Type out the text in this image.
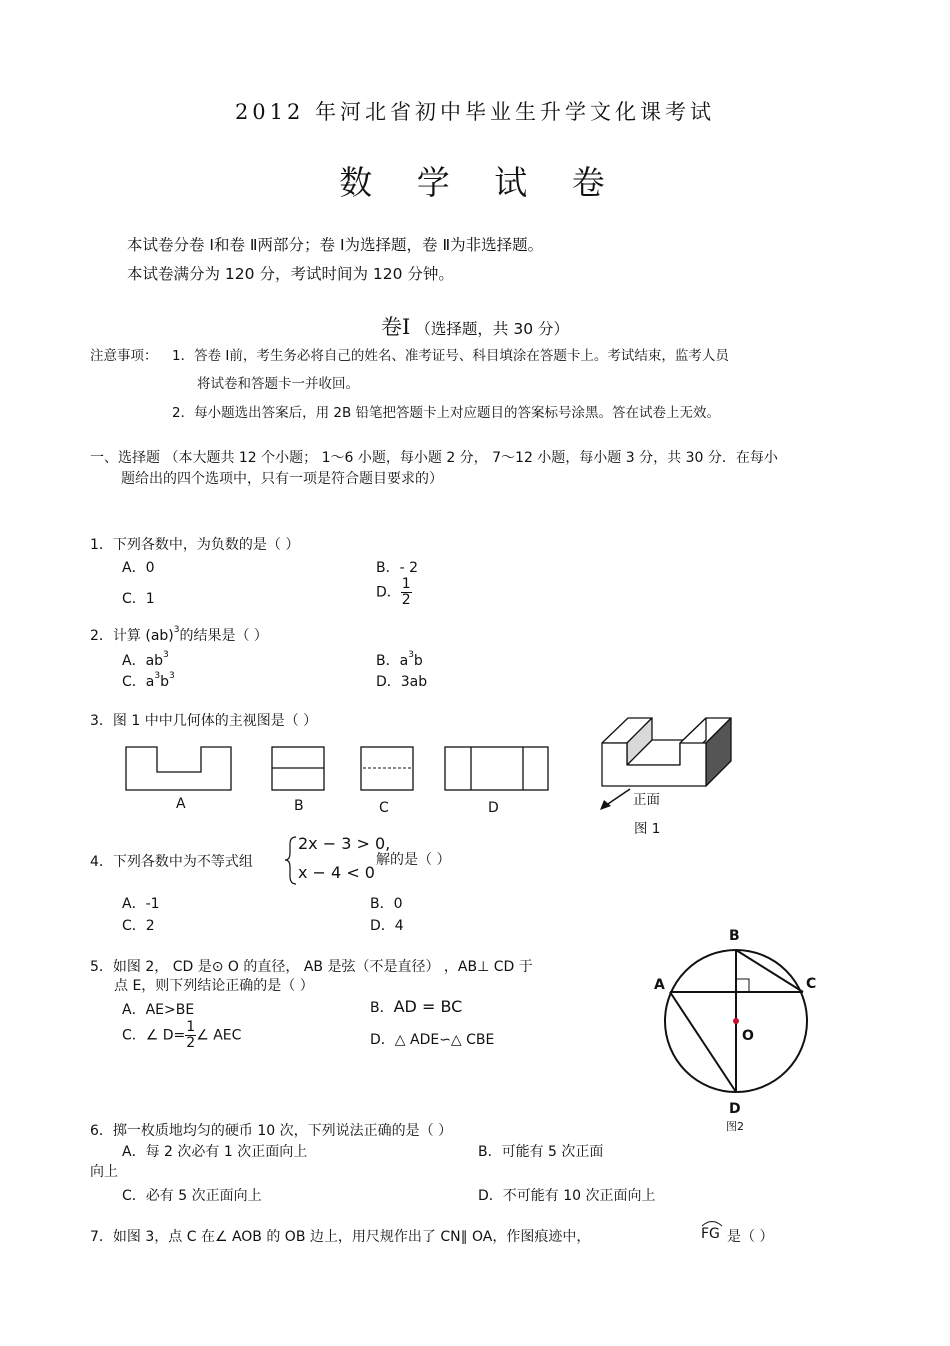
2012 年河北省初中毕业生升学文化课考试
数 学 试 卷
本试卷分卷 Ⅰ和卷 Ⅱ两部分；卷 Ⅰ为选择题，卷 Ⅱ为非选择题。
本试卷满分为 120 分，考试时间为 120 分钟。
卷Ⅰ （选择题，共 30 分）
注意事项： 1．答卷 Ⅰ前，考生务必将自己的姓名、准考证号、科目填涂在答题卡上。考试结束，监考人员
将试卷和答题卡一并收回。
2．每小题选出答案后，用 2B 铅笔把答题卡上对应题目的答案标号涂黑。答在试卷上无效。
一、选择题 （本大题共 12 个小题； 1～6 小题，每小题 2 分， 7～12 小题，每小题 3 分，共 30 分．在每小
题给出的四个选项中，只有一项是符合题目要求的）
1．下列各数中，为负数的是（ ）
A．0	B．- 2
C．1	D． $\frac{1}{2}$
2．计算 (ab)$^3$的结果是（ ）
A．$ab^3$	B．$a^3b$
C．$a^3b^3$	D．3ab
3．图 1 中中几何体的主视图是（ ）
A	B	C	D	正面
图 1
4．下列各数中为不等式组
2x − 3 > 0,
x − 4 < 0
解的是（ ）
A．-1	B．0
C．2	D．4
5．如图 2， CD 是⊙ O 的直径， AB 是弦（不是直径） ，AB⊥ CD 于
点 E，则下列结论正确的是（ ）
A．AE>BE	B．AD = BC
C．∠ $D= \frac{1}{2}$ ∠ AEC	D．△ ADE∽△ CBE
B
A	C
O
D
图2
6．掷一枚质地均匀的硬币 10 次，下列说法正确的是（ ）
A．每 2 次必有 1 次正面向上	B．可能有 5 次正面
向上
C．必有 5 次正面向上	D．不可能有 10 次正面向上
7．如图 3，点 C 在∠ AOB 的 OB 边上，用尺规作出了 CN∥ OA，作图痕迹中，	FG 是（ ）
